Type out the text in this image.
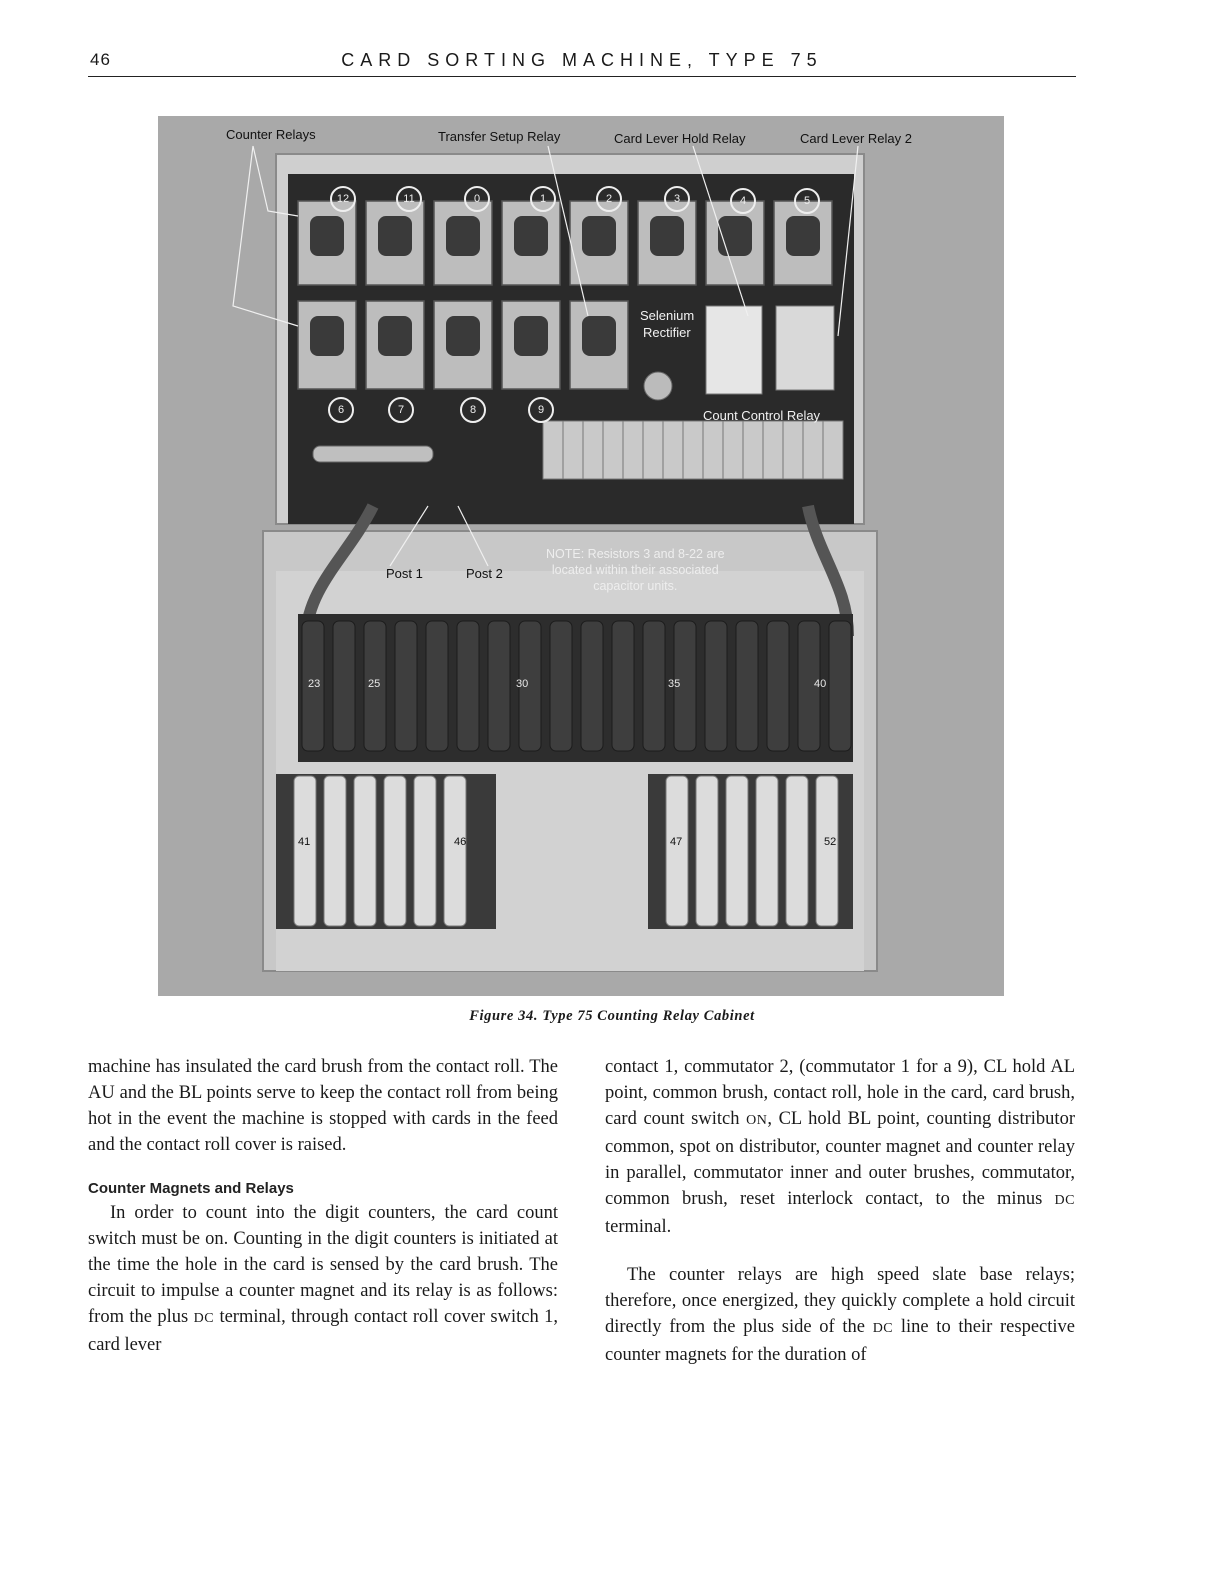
46	CARD SORTING MACHINE, TYPE 75
Counter Relays	Transfer Setup Relay	Card Lever Hold Relay	Card Lever Relay 2
Selenium
Rectifier
Count Control Relay
Post 1	Post 2
NOTE: Resistors 3 and 8-22 are
located within their associated
capacitor units.
12	11	0	1	2	3	4	5
6	7	8	9
23	25	30	35	40
41	46	47	52
Figure 34. Type 75 Counting Relay Cabinet

machine has insulated the card brush from the contact roll. The AU and the BL points serve to keep the contact roll from being hot in the event the machine is stopped with cards in the feed and the contact roll cover is raised.

Counter Magnets and Relays

In order to count into the digit counters, the card count switch must be on. Counting in the digit counters is initiated at the time the hole in the card is sensed by the card brush. The circuit to impulse a counter magnet and its relay is as follows: from the plus DC terminal, through contact roll cover switch 1, card lever

contact 1, commutator 2, (commutator 1 for a 9), CL hold AL point, common brush, contact roll, hole in the card, card brush, card count switch ON, CL hold BL point, counting distributor common, spot on distributor, counter magnet and counter relay in parallel, commutator inner and outer brushes, commutator, common brush, reset interlock contact, to the minus DC terminal.

The counter relays are high speed slate base relays; therefore, once energized, they quickly complete a hold circuit directly from the plus side of the DC line to their respective counter magnets for the duration of
